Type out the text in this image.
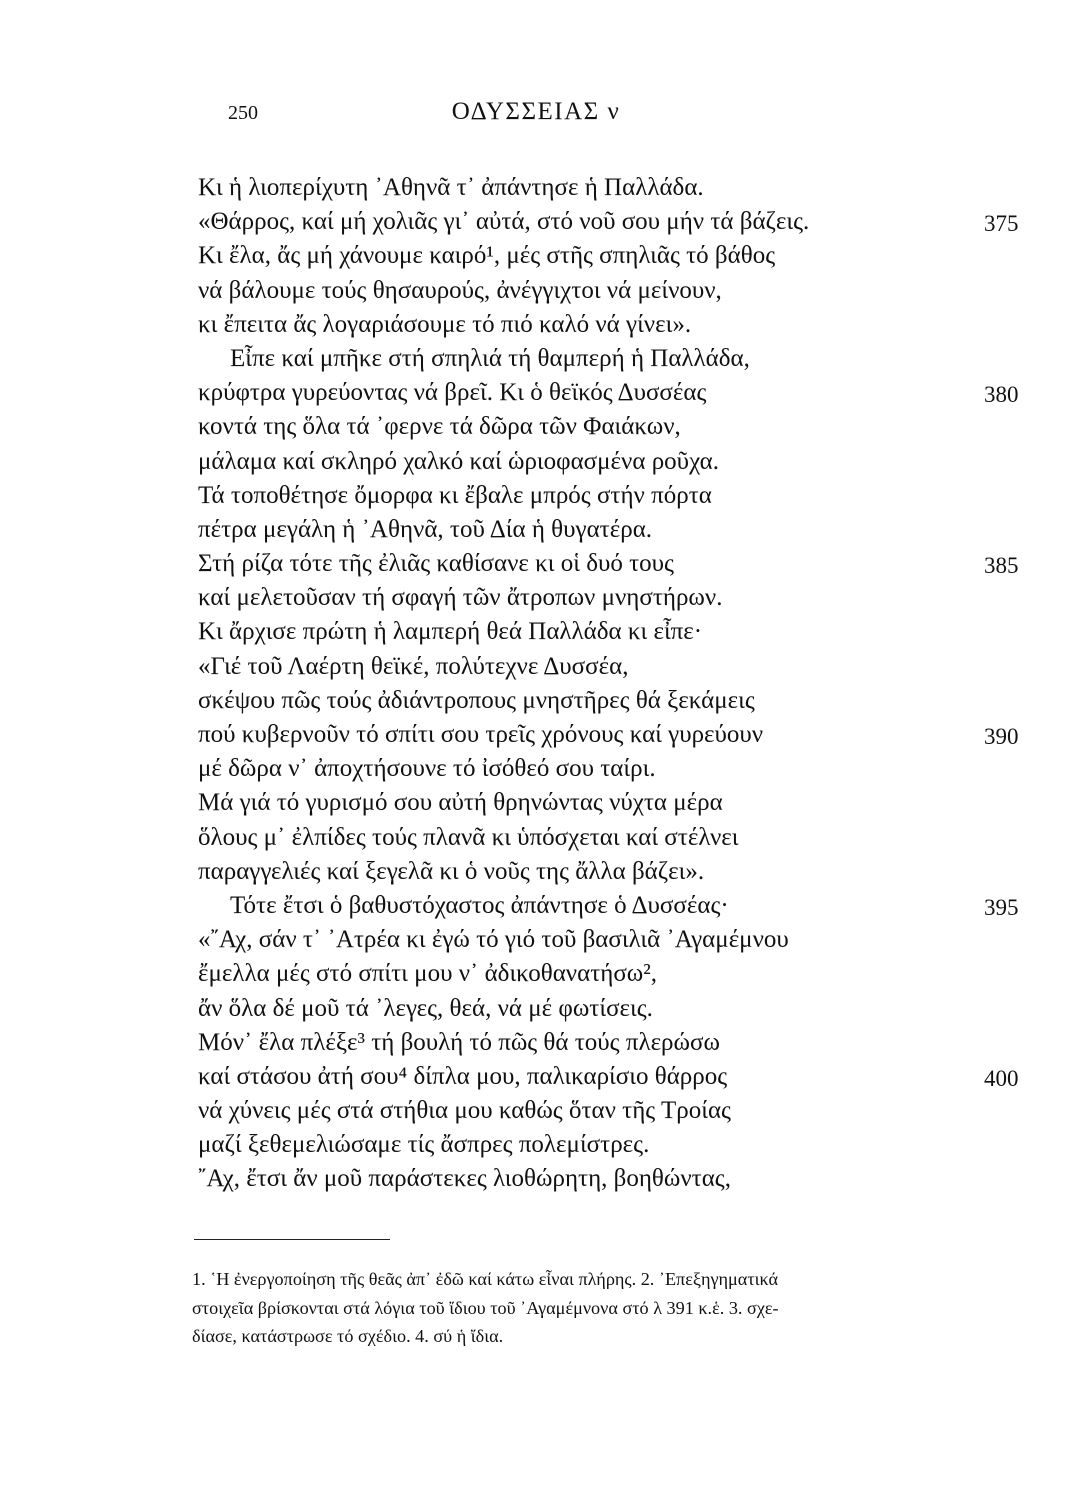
250	ΟΔΥΣΣΕΙΑΣ ν
Κι ἡ λιοπερίχυτη ᾿Αθηνᾶ τ᾿ ἀπάντησε ἡ Παλλάδα.
«Θάρρος, καί μή χολιᾶς γι᾿ αὐτά, στό νοῦ σου μήν τά βάζεις.	375
Κι ἔλα, ἄς μή χάνουμε καιρό¹, μές στῆς σπηλιᾶς τό βάθος
νά βάλουμε τούς θησαυρούς, ἀνέγγιχτοι νά μείνουν,
κι ἔπειτα ἄς λογαριάσουμε τό πιό καλό νά γίνει».
Εἶπε καί μπῆκε στή σπηλιά τή θαμπερή ἡ Παλλάδα,
κρύφτρα γυρεύοντας νά βρεῖ. Κι ὁ θεϊκός Δυσσέας	380
κοντά της ὅλα τά ᾿φερνε τά δῶρα τῶν Φαιάκων,
μάλαμα καί σκληρό χαλκό καί ὡριοφασμένα ροῦχα.
Τά τοποθέτησε ὄμορφα κι ἔβαλε μπρός στήν πόρτα
πέτρα μεγάλη ἡ ᾿Αθηνᾶ, τοῦ Δία ἡ θυγατέρα.
Στή ρίζα τότε τῆς ἐλιᾶς καθίσανε κι οἱ δυό τους	385
καί μελετοῦσαν τή σφαγή τῶν ἄτροπων μνηστήρων.
Κι ἄρχισε πρώτη ἡ λαμπερή θεά Παλλάδα κι εἶπε·
«Γιέ τοῦ Λαέρτη θεϊκέ, πολύτεχνε Δυσσέα,
σκέψου πῶς τούς ἀδιάντροπους μνηστῆρες θά ξεκάμεις
πού κυβερνοῦν τό σπίτι σου τρεῖς χρόνους καί γυρεύουν	390
μέ δῶρα ν᾿ ἀποχτήσουνε τό ἰσόθεό σου ταίρι.
Μά γιά τό γυρισμό σου αὐτή θρηνώντας νύχτα μέρα
ὅλους μ᾿ ἐλπίδες τούς πλανᾶ κι ὑπόσχεται καί στέλνει
παραγγελιές καί ξεγελᾶ κι ὁ νοῦς της ἄλλα βάζει».
Τότε ἔτσι ὁ βαθυστόχαστος ἀπάντησε ὁ Δυσσέας·	395
«῎Αχ, σάν τ᾿ ᾿Ατρέα κι ἐγώ τό γιό τοῦ βασιλιᾶ ᾿Αγαμέμνου
ἔμελλα μές στό σπίτι μου ν᾿ ἀδικοθανατήσω²,
ἄν ὅλα δέ μοῦ τά ᾿λεγες, θεά, νά μέ φωτίσεις.
Μόν᾿ ἔλα πλέξε³ τή βουλή τό πῶς θά τούς πλερώσω
καί στάσου ἀτή σου⁴ δίπλα μου, παλικαρίσιο θάρρος	400
νά χύνεις μές στά στήθια μου καθώς ὅταν τῆς Τροίας
μαζί ξεθεμελιώσαμε τίς ἄσπρες πολεμίστρες.
῎Αχ, ἔτσι ἄν μοῦ παράστεκες λιοθώρητη, βοηθώντας,
1. ῾Η ἐνεργοποίηση τῆς θεᾶς ἀπ᾿ ἐδῶ καί κάτω εἶναι πλήρης. 2. ᾿Επεξηγηματικά
στοιχεῖα βρίσκονται στά λόγια τοῦ ἴδιου τοῦ ᾿Αγαμέμνονα στό λ 391 κ.ἑ. 3. σχε-
δίασε, κατάστρωσε τό σχέδιο. 4. σύ ἡ ἴδια.
